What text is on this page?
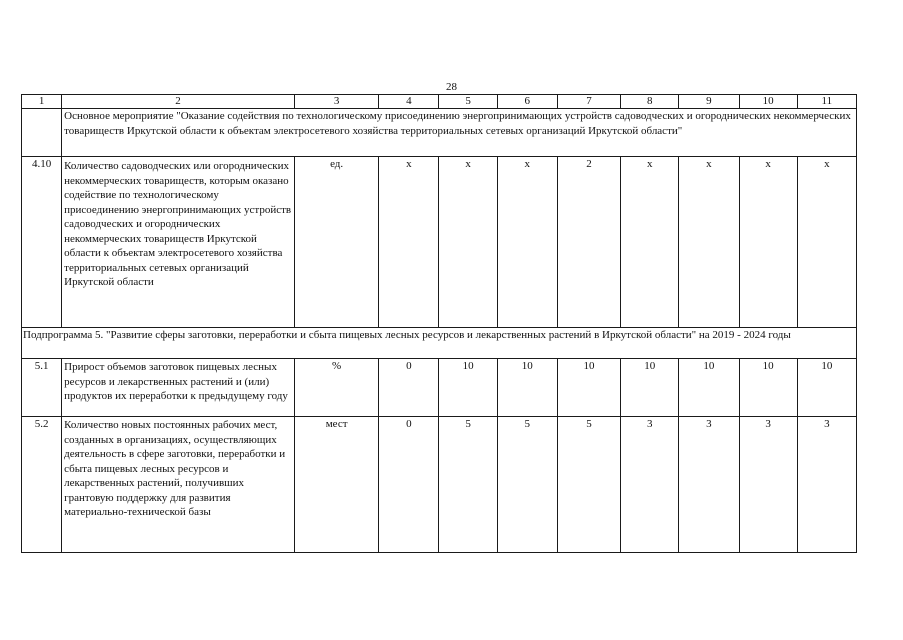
28
1	2	3	4	5	6	7	8	9	10	11
	Основное мероприятие "Оказание содействия по технологическому присоединению энергопринимающих устройств садоводческих и огороднических некоммерческих товариществ Иркутской области к объектам электросетевого хозяйства территориальных сетевых организаций Иркутской области"									
4.10	Количество садоводческих или огороднических некоммерческих товариществ, которым оказано содействие по технологическому присоединению энергопринимающих устройств садоводческих и огороднических некоммерческих товариществ Иркутской области к объектам электросетевого хозяйства территориальных сетевых организаций Иркутской области	ед.	х	х	х	2	х	х	х	х
Подпрограмма 5. "Развитие сферы заготовки, переработки и сбыта пищевых лесных ресурсов и лекарственных растений в Иркутской области" на 2019 - 2024 годы										
5.1	Прирост объемов заготовок пищевых лесных ресурсов и лекарственных растений и (или) продуктов их переработки к предыдущему году	%	0	10	10	10	10	10	10	10
5.2	Количество новых постоянных рабочих мест, созданных в организациях, осуществляющих деятельность в сфере заготовки, переработки и сбыта пищевых лесных ресурсов и лекарственных растений, получивших грантовую поддержку для развития материально-технической базы	мест	0	5	5	5	3	3	3	3
